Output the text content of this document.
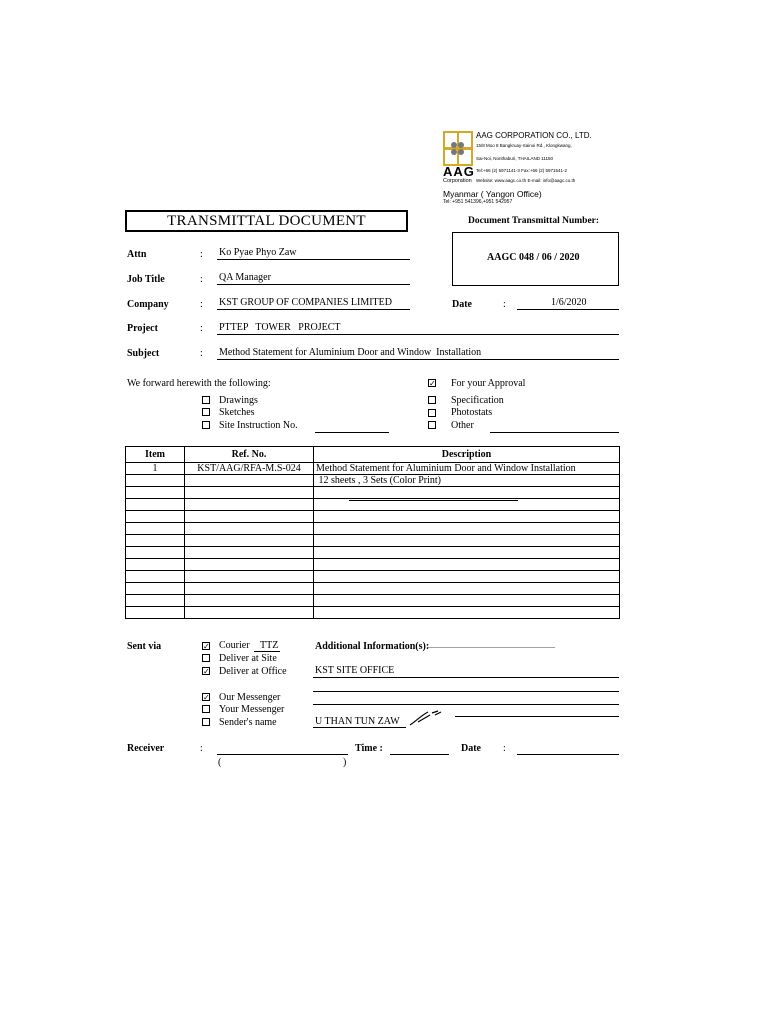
AAG CORPORATION CO., LTD.
15/8 Moo 8 Bangkruay-Sainoi Rd., Klongkwang,
Sai-Noi, Nonthaburi, THAILAND 11150
AAG Tel:+66 (2) 5971141-3 Fax:+66 (2) 5971541-2
Corporation Website: www.aagc.co.th E-mail: info@aagc.co.th
Myanmar ( Yangon Office)
Tel: +951 541396,+951 542957
TRANSMITTAL DOCUMENT	Document Transmittal Number:
AAGC 048 / 06 / 2020
Attn	: Ko Pyae Phyo Zaw
Job Title	: QA Manager
Company	: KST GROUP OF COMPANIES LIMITED	Date	:	1/6/2020
Project	: PTTEP   TOWER   PROJECT
Subject	: Method Statement for Aluminium Door and Window  Installation
We forward herewith the following:
Drawings
Sketches
Site Instruction No.
✓ For your Approval
Specification
Photostats
Other
Item	Ref. No.	Description
1	KST/AAG/RFA-M.S-024	Method Statement for Aluminium Door and Window Installation
		12 sheets , 3 Sets (Color Print)

Sent via	✓ Courier TTZ
Deliver at Site
✓ Deliver at Office
✓ Our Messenger
Your Messenger
Sender's name
Additional Information(s):
................................................................
KST SITE OFFICE
U THAN TUN ZAW
Receiver	:	Time :	Date :
(	)
